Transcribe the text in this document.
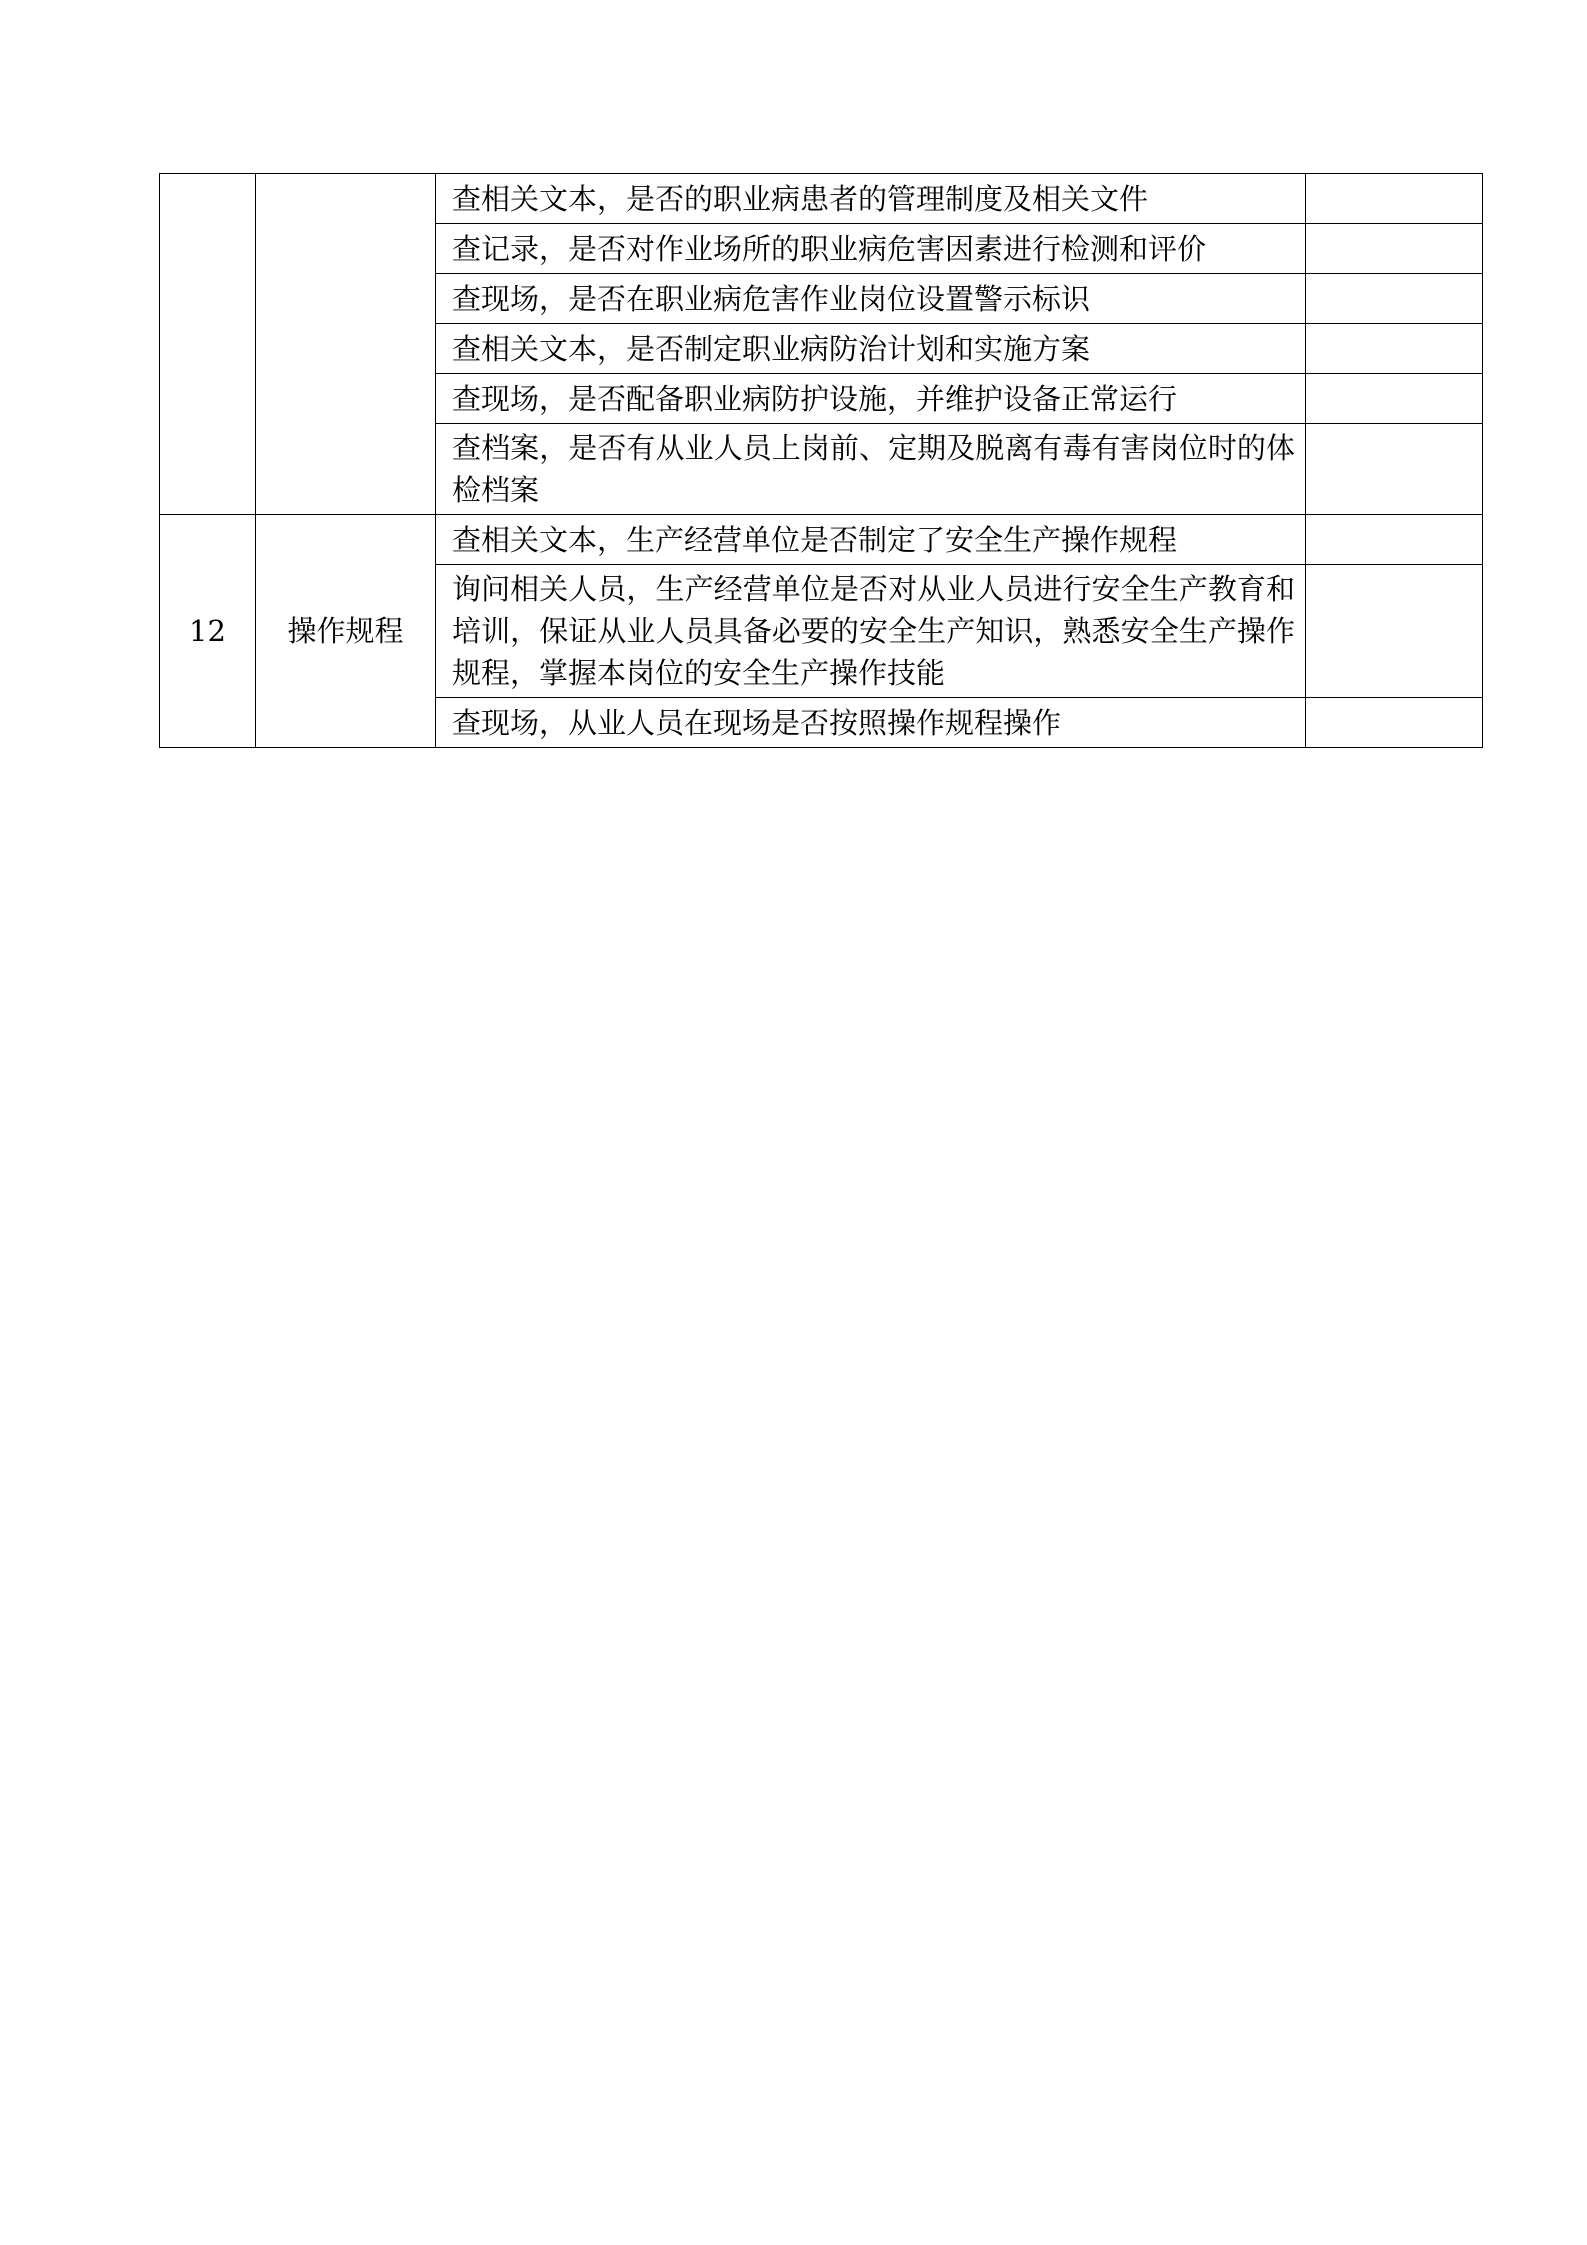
		查相关文本，是否的职业病患者的管理制度及相关文件	
		查记录，是否对作业场所的职业病危害因素进行检测和评价	
		查现场，是否在职业病危害作业岗位设置警示标识	
		查相关文本，是否制定职业病防治计划和实施方案	
		查现场，是否配备职业病防护设施，并维护设备正常运行	
		查档案，是否有从业人员上岗前、定期及脱离有毒有害岗位时的体检档案	
12	操作规程	查相关文本，生产经营单位是否制定了安全生产操作规程	
		询问相关人员，生产经营单位是否对从业人员进行安全生产教育和培训，保证从业人员具备必要的安全生产知识，熟悉安全生产操作规程，掌握本岗位的安全生产操作技能	
		查现场，从业人员在现场是否按照操作规程操作	
